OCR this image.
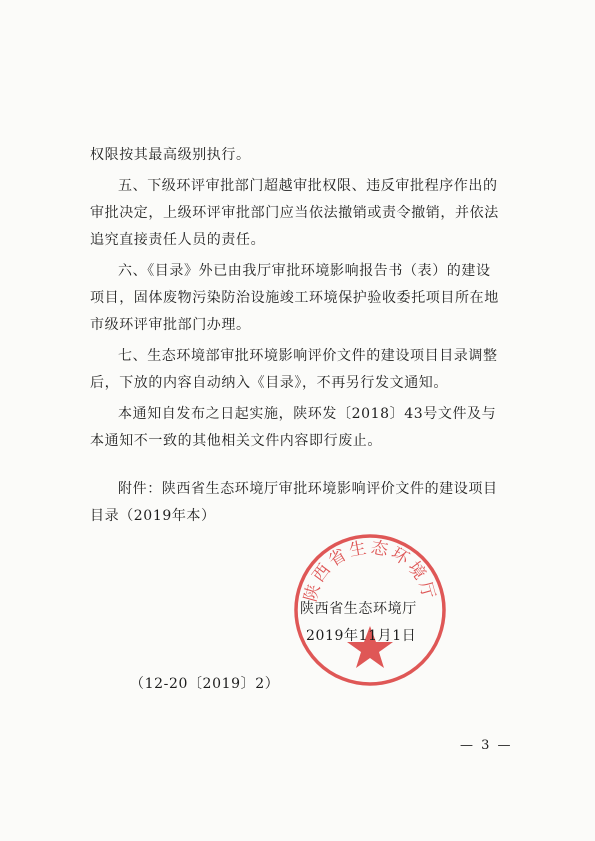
权限按其最高级别执行。
五、下级环评审批部门超越审批权限、违反审批程序作出的
审批决定，上级环评审批部门应当依法撤销或责令撤销，并依法
追究直接责任人员的责任。
六、《目录》外已由我厅审批环境影响报告书（表）的建设
项目，固体废物污染防治设施竣工环境保护验收委托项目所在地
市级环评审批部门办理。
七、生态环境部审批环境影响评价文件的建设项目目录调整
后，下放的内容自动纳入《目录》，不再另行发文通知。
本通知自发布之日起实施，陕环发〔2018〕43号文件及与
本通知不一致的其他相关文件内容即行废止。
附件：陕西省生态环境厅审批环境影响评价文件的建设项目
目录（2019年本）
陕西省生态环境厅
陕西省生态环境厅
2019年11月1日
（12-20〔2019〕2）
— 3 —
